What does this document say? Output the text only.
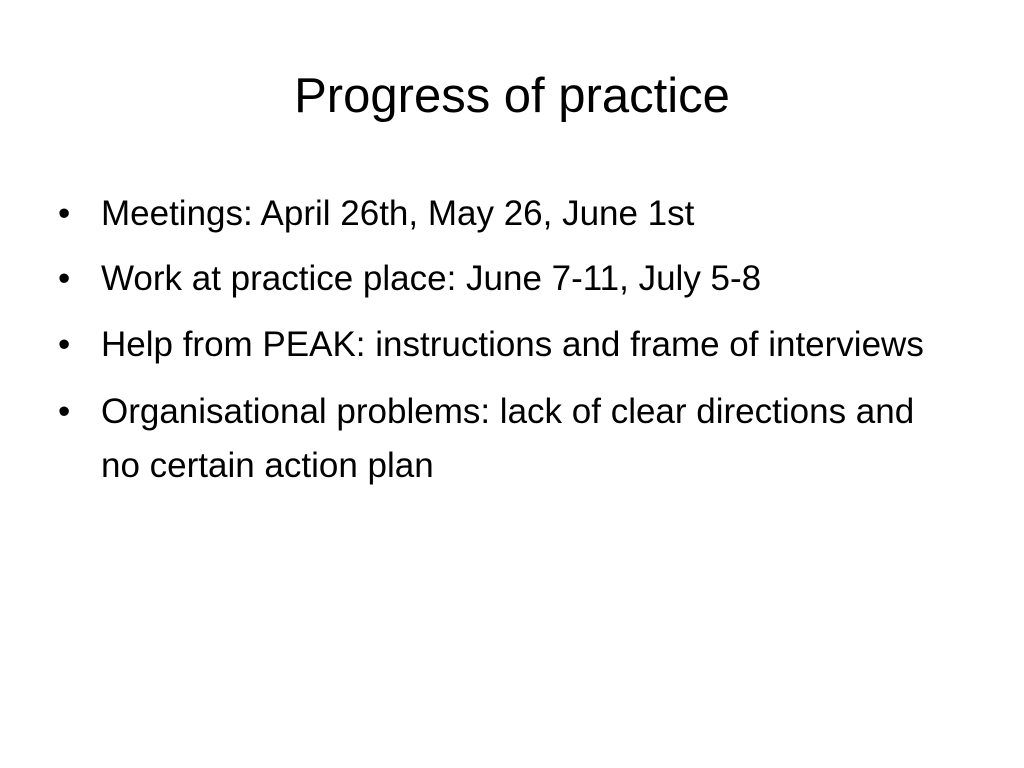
Progress of practice
• Meetings: April 26th, May 26, June 1st
• Work at practice place: June 7-11, July 5-8
• Help from PEAK: instructions and frame of interviews
• Organisational problems: lack of clear directions and no certain action plan
